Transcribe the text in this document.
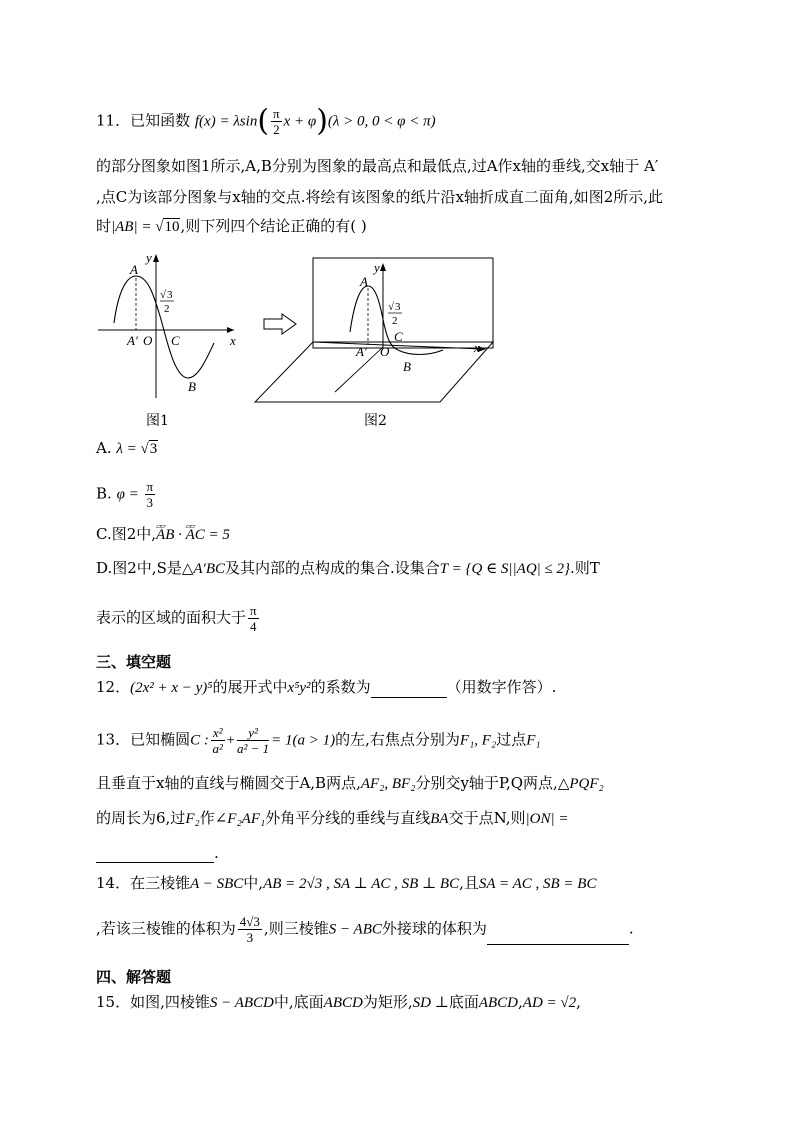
11．已知函数 $f(x) = \lambda\sin( \frac{\pi}{2}$ x + φ)(λ > 0, 0 < φ < π)
的部分图象如图1所示,A,B分别为图象的最高点和最低点,过A作x轴的垂线,交x轴于 A′
,点C为该部分图象与x轴的交点.将绘有该图象的纸片沿x轴折成直二面角,如图2所示,此
时|AB| = √10,则下列四个结论正确的有( )
A
A′ O C
B
x
y
√ 3
2
图1
A
A′ O
C
B
x
y
√ 3
2
图2
A. λ = √3
B. $\varphi = \frac{\pi}{3}$
C.图2中,▱▱ AB · ▱▱ AC = 5
D.图2中,S是△A′BC及其内部的点构成的集合.设集合T = {Q ∈ S||AQ| ≤ 2}.则T
表示的区域的面积大于 $\frac{\pi}{4}$
三、填空题
12．(2x² + x − y)⁵的展开式中x⁵y²的系数为	（用数字作答）.
13．已知椭圆C : $\frac{\text{x²}}{\text{a²}} + \frac{\text{y²}}{\text{a² − 1}} = 1(a > 1)$的左,右焦点分别为F₁, F₂过点F₁
且垂直于x轴的直线与椭圆交于A,B两点,AF₂, BF₂分别交y轴于P,Q两点,△PQF₂
的周长为6,过F₂作∠F₂AF₁外角平分线的垂线与直线BA交于点N,则|ON| =
.
14．在三棱锥A − SBC中,AB = 2√3 , SA ⊥ AC , SB ⊥ BC,且SA = AC , SB = BC
,若该三棱锥的体积为 $\frac{4√3}{3}$ ,则三棱锥S − ABC外接球的体积为	.
四、解答题
15．如图,四棱锥S − ABCD中,底面ABCD为矩形,SD ⊥底面ABCD,AD = √2,
